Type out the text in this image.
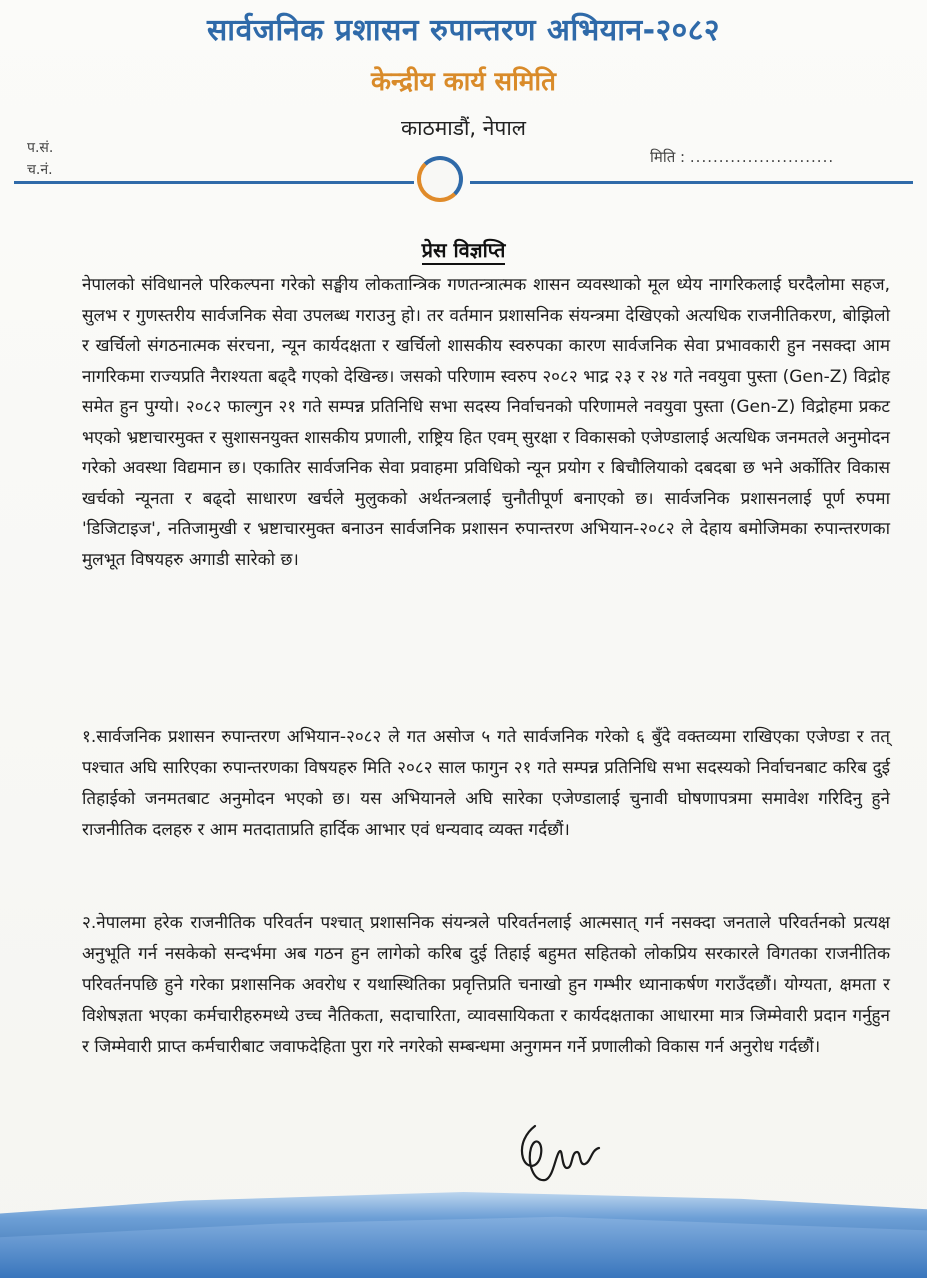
सार्वजनिक प्रशासन रुपान्तरण अभियान-२०८२
केन्द्रीय कार्य समिति
काठमाडौं, नेपाल
प.सं.
च.नं.
मिति : .........................
प्रेस विज्ञप्ति

नेपालको संविधानले परिकल्पना गरेको सङ्घीय लोकतान्त्रिक गणतन्त्रात्मक शासन व्यवस्थाको मूल ध्येय नागरिकलाई घरदैलोमा सहज, सुलभ र गुणस्तरीय सार्वजनिक सेवा उपलब्ध गराउनु हो। तर वर्तमान प्रशासनिक संयन्त्रमा देखिएको अत्यधिक राजनीतिकरण, बोझिलो र खर्चिलो संगठनात्मक संरचना, न्यून कार्यदक्षता र खर्चिलो शासकीय स्वरुपका कारण सार्वजनिक सेवा प्रभावकारी हुन नसक्दा आम नागरिकमा राज्यप्रति नैराश्यता बढ्दै गएको देखिन्छ। जसको परिणाम स्वरुप २०८२ भाद्र २३ र २४ गते नवयुवा पुस्ता (Gen-Z) विद्रोह समेत हुन पुग्यो। २०८२ फाल्गुन २१ गते सम्पन्न प्रतिनिधि सभा सदस्य निर्वाचनको परिणामले नवयुवा पुस्ता (Gen-Z) विद्रोहमा प्रकट भएको भ्रष्टाचारमुक्त र सुशासनयुक्त शासकीय प्रणाली, राष्ट्रिय हित एवम् सुरक्षा र विकासको एजेण्डालाई अत्यधिक जनमतले अनुमोदन गरेको अवस्था विद्यमान छ। एकातिर सार्वजनिक सेवा प्रवाहमा प्रविधिको न्यून प्रयोग र बिचौलियाको दबदबा छ भने अर्कोतिर विकास खर्चको न्यूनता र बढ्दो साधारण खर्चले मुलुकको अर्थतन्त्रलाई चुनौतीपूर्ण बनाएको छ। सार्वजनिक प्रशासनलाई पूर्ण रुपमा 'डिजिटाइज', नतिजामुखी र भ्रष्टाचारमुक्त बनाउन सार्वजनिक प्रशासन रुपान्तरण अभियान-२०८२ ले देहाय बमोजिमका रुपान्तरणका मुलभूत विषयहरु अगाडी सारेको छ।

१.सार्वजनिक प्रशासन रुपान्तरण अभियान-२०८२ ले गत असोज ५ गते सार्वजनिक गरेको ६ बुँदे वक्तव्यमा राखिएका एजेण्डा र तत् पश्चात अघि सारिएका रुपान्तरणका विषयहरु मिति २०८२ साल फागुन २१ गते सम्पन्न प्रतिनिधि सभा सदस्यको निर्वाचनबाट करिब दुई तिहाईको जनमतबाट अनुमोदन भएको छ। यस अभियानले अघि सारेका एजेण्डालाई चुनावी घोषणापत्रमा समावेश गरिदिनु हुने राजनीतिक दलहरु र आम मतदाताप्रति हार्दिक आभार एवं धन्यवाद व्यक्त गर्दछौं।

२.नेपालमा हरेक राजनीतिक परिवर्तन पश्चात् प्रशासनिक संयन्त्रले परिवर्तनलाई आत्मसात् गर्न नसक्दा जनताले परिवर्तनको प्रत्यक्ष अनुभूति गर्न नसकेको सन्दर्भमा अब गठन हुन लागेको करिब दुई तिहाई बहुमत सहितको लोकप्रिय सरकारले विगतका राजनीतिक परिवर्तनपछि हुने गरेका प्रशासनिक अवरोध र यथास्थितिका प्रवृत्तिप्रति चनाखो हुन गम्भीर ध्यानाकर्षण गराउँदछौं। योग्यता, क्षमता र विशेषज्ञता भएका कर्मचारीहरुमध्ये उच्च नैतिकता, सदाचारिता, व्यावसायिकता र कार्यदक्षताका आधारमा मात्र जिम्मेवारी प्रदान गर्नुहुन र जिम्मेवारी प्राप्त कर्मचारीबाट जवाफदेहिता पुरा गरे नगरेको सम्बन्धमा अनुगमन गर्ने प्रणालीको विकास गर्न अनुरोध गर्दछौं।
